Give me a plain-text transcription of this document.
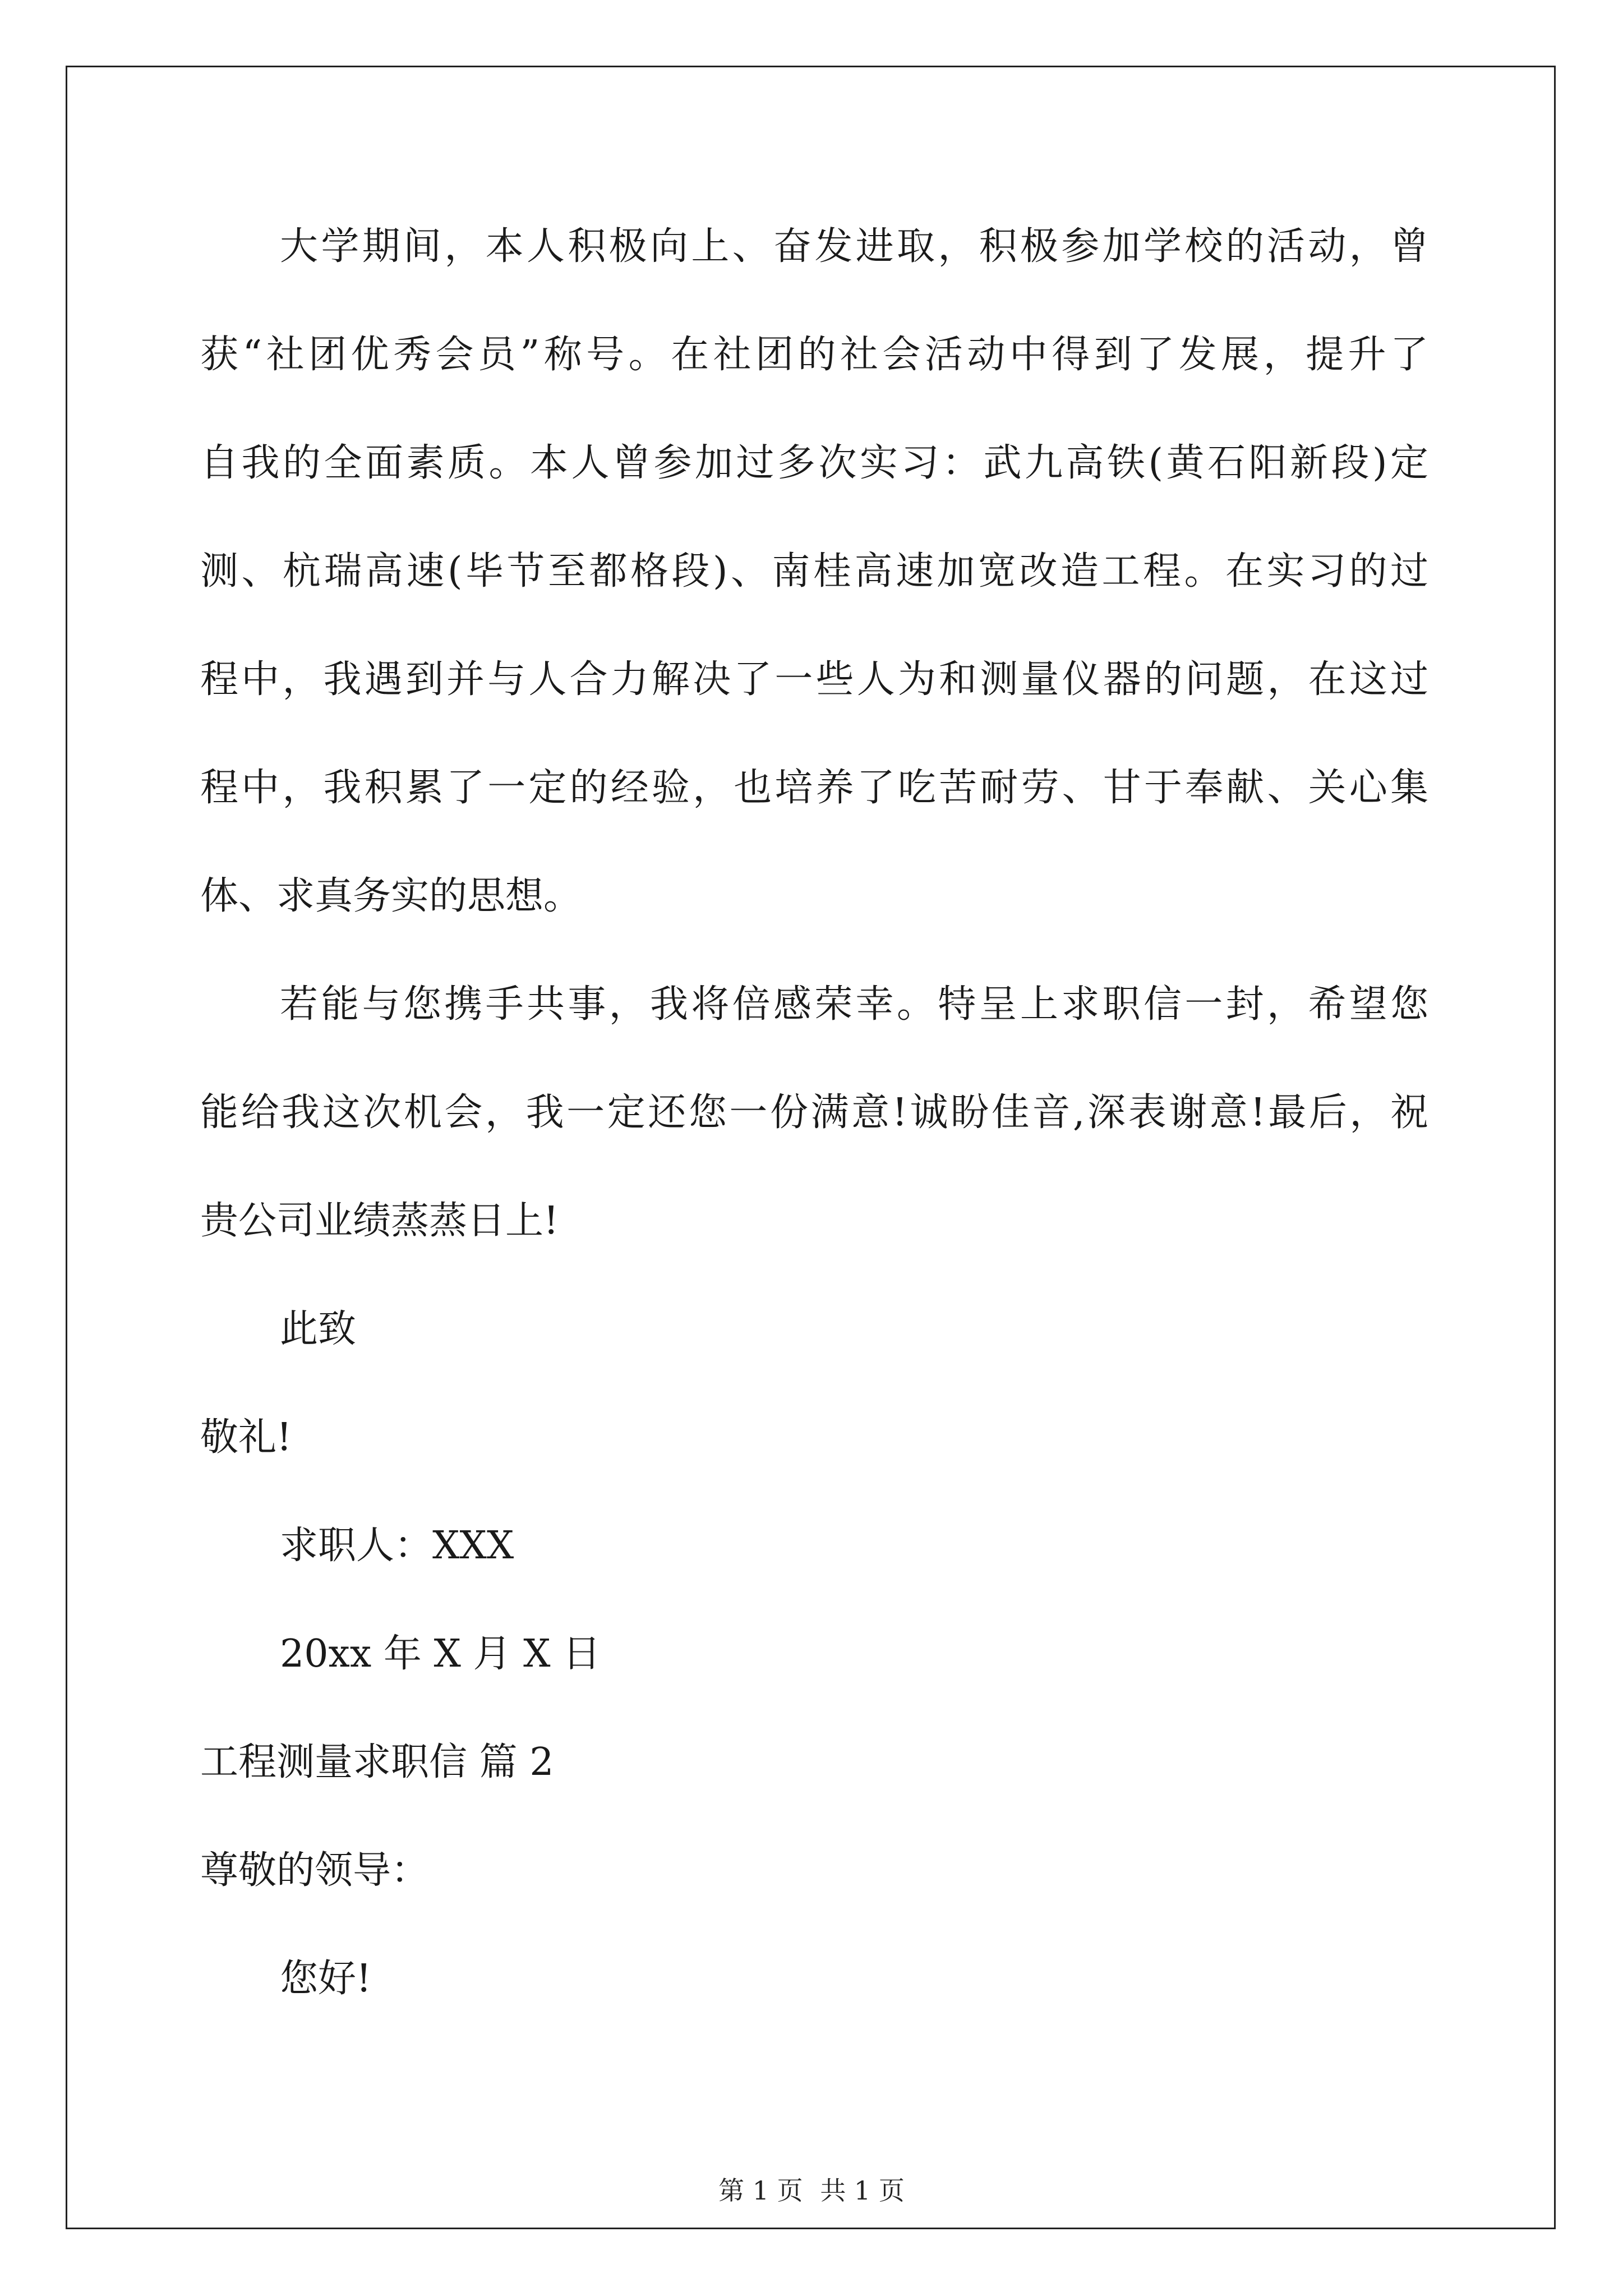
大学期间，本人积极向上、奋发进取，积极参加学校的活动，曾
获“社团优秀会员”称号。在社团的社会活动中得到了发展，提升了
自我的全面素质。本人曾参加过多次实习：武九高铁(黄石阳新段)定
测、杭瑞高速(毕节至都格段)、南桂高速加宽改造工程。在实习的过
程中，我遇到并与人合力解决了一些人为和测量仪器的问题，在这过
程中，我积累了一定的经验，也培养了吃苦耐劳、甘于奉献、关心集
体、求真务实的思想。
若能与您携手共事，我将倍感荣幸。特呈上求职信一封，希望您
能给我这次机会，我一定还您一份满意!诚盼佳音,深表谢意!最后，祝
贵公司业绩蒸蒸日上!
此致
敬礼!
求职人：XXX
20xx 年 X 月 X 日
工程测量求职信 篇 2
尊敬的领导：
您好!
第 1 页 共 1 页
